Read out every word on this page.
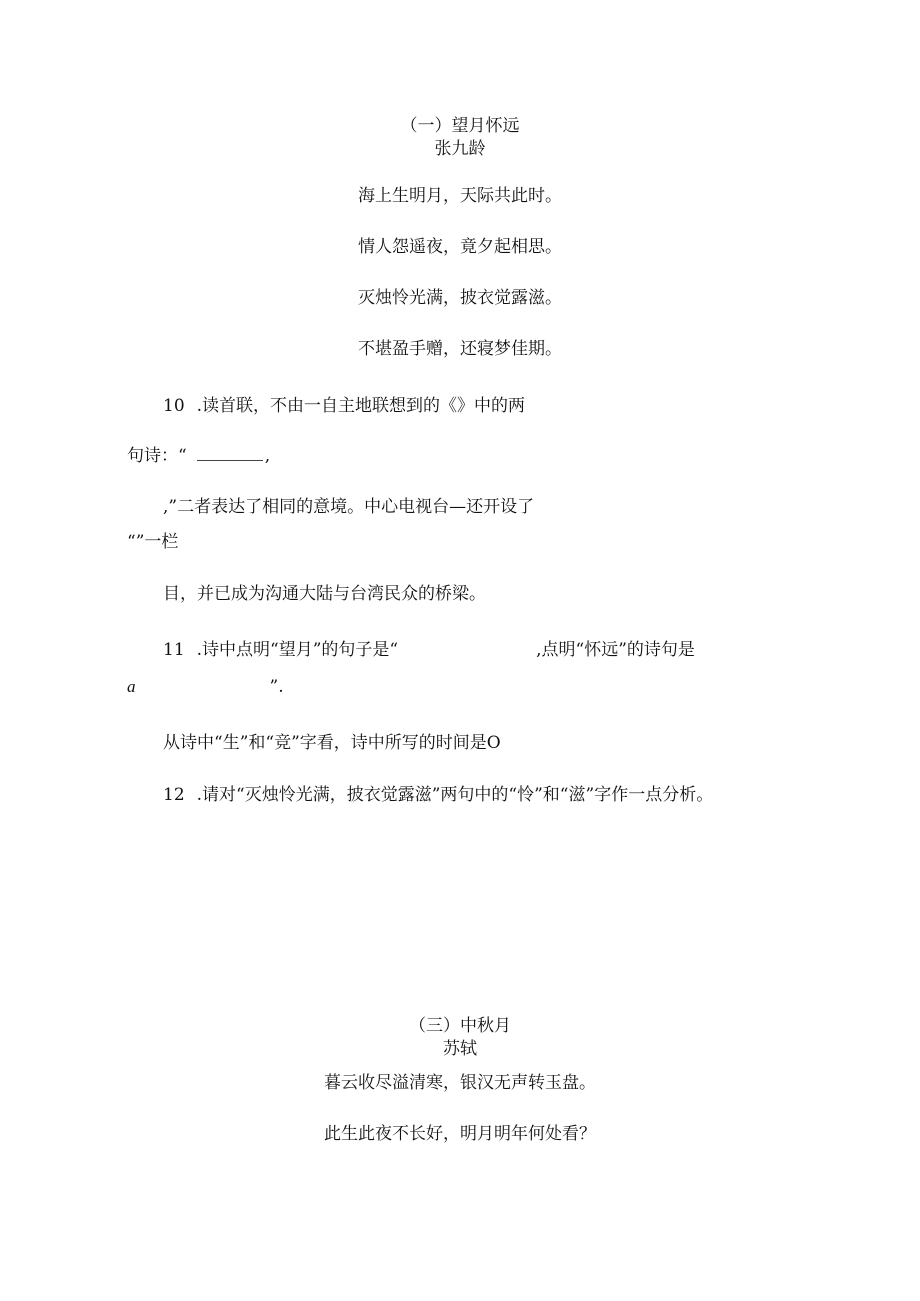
（一）望月怀远
张九龄
海上生明月，天际共此时。
情人怨遥夜，竟夕起相思。
灭烛怜光满，披衣觉露滋。
不堪盈手赠，还寝梦佳期。
10 .读首联，不由一自主地联想到的《》中的两
句诗：“	,
,”二者表达了相同的意境。中心电视台—还开设了
“”一栏
目，并已成为沟通大陆与台湾民众的桥梁。
11 .诗中点明“望月”的句子是“	,点明“怀远”的诗句是
a	”.
从诗中“生”和“竞”字看，诗中所写的时间是O
12 .请对“灭烛怜光满，披衣觉露滋”两句中的“怜”和“滋”字作一点分析。
（三）中秋月
苏轼
暮云收尽溢清寒，银汉无声转玉盘。
此生此夜不长好，明月明年何处看？
